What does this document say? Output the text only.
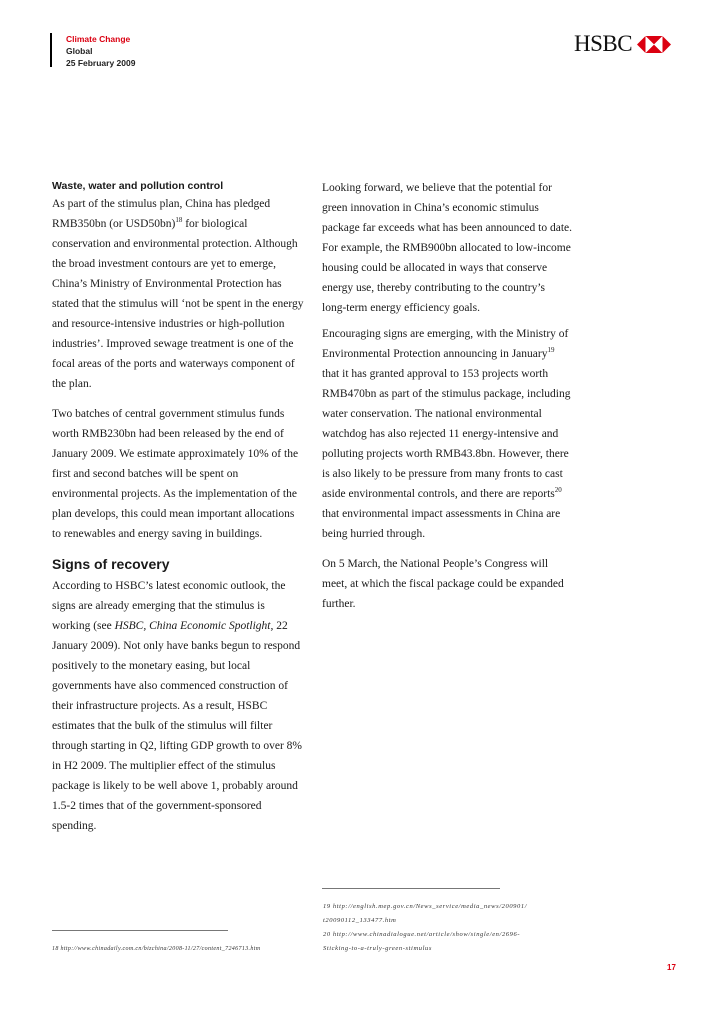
Climate Change
Global
25 February 2009
HSBC
Waste, water and pollution control

As part of the stimulus plan, China has pledged RMB350bn (or USD50bn)$^{18}$ for biological conservation and environmental protection. Although the broad investment contours are yet to emerge, China’s Ministry of Environmental Protection has stated that the stimulus will ‘not be spent in the energy and resource-intensive industries or high-pollution industries’. Improved sewage treatment is one of the focal areas of the ports and waterways component of the plan.

Two batches of central government stimulus funds worth RMB230bn had been released by the end of January 2009. We estimate approximately 10% of the first and second batches will be spent on environmental projects. As the implementation of the plan develops, this could mean important allocations to renewables and energy saving in buildings.

Signs of recovery

According to HSBC’s latest economic outlook, the signs are already emerging that the stimulus is working (see HSBC, China Economic Spotlight, 22 January 2009). Not only have banks begun to respond positively to the monetary easing, but local governments have also commenced construction of their infrastructure projects. As a result, HSBC estimates that the bulk of the stimulus will filter through starting in Q2, lifting GDP growth to over 8% in H2 2009. The multiplier effect of the stimulus package is likely to be well above 1, probably around 1.5-2 times that of the government-sponsored spending.

Looking forward, we believe that the potential for green innovation in China’s economic stimulus package far exceeds what has been announced to date. For example, the RMB900bn allocated to low-income housing could be allocated in ways that conserve energy use, thereby contributing to the country’s long-term energy efficiency goals.

Encouraging signs are emerging, with the Ministry of Environmental Protection announcing in January$^{19}$ that it has granted approval to 153 projects worth RMB470bn as part of the stimulus package, including water conservation. The national environmental watchdog has also rejected 11 energy-intensive and polluting projects worth RMB43.8bn. However, there is also likely to be pressure from many fronts to cast aside environmental controls, and there are reports$^{20}$ that environmental impact assessments in China are being hurried through.

On 5 March, the National People’s Congress will meet, at which the fiscal package could be expanded further.

19 http://english.mep.gov.cn/News_service/media_news/200901/
t20090112_133477.htm
20 http://www.chinadialogue.net/article/show/single/en/2696-
Sticking-to-a-truly-green-stimulus
18 http://www.chinadaily.com.cn/bizchina/2008-11/27/content_7246713.htm
17
